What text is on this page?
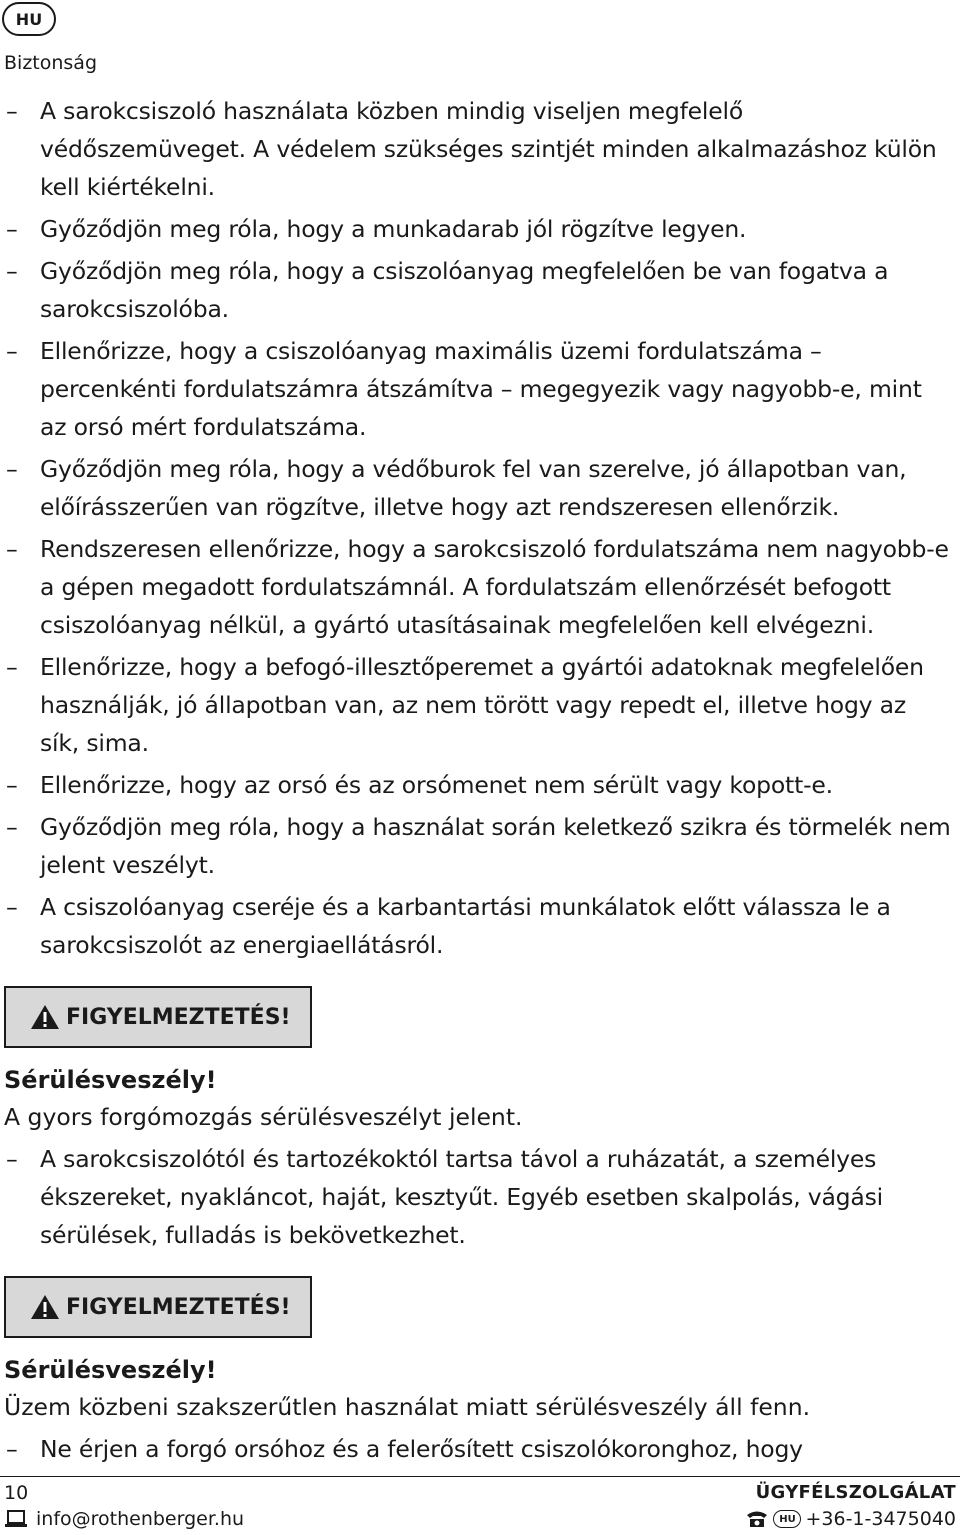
HU
Biztonság
– A sarokcsiszoló használata közben mindig viseljen megfelelő védőszemüveget. A védelem szükséges szintjét minden alkalmazáshoz külön kell kiértékelni.
– Győződjön meg róla, hogy a munkadarab jól rögzítve legyen.
– Győződjön meg róla, hogy a csiszolóanyag megfelelően be van fogatva a sarokcsiszolóba.
– Ellenőrizze, hogy a csiszolóanyag maximális üzemi fordulatszáma – percenkénti fordulatszámra átszámítva – megegyezik vagy nagyobb-e, mint az orsó mért fordulatszáma.
– Győződjön meg róla, hogy a védőburok fel van szerelve, jó állapotban van, előírásszerűen van rögzítve, illetve hogy azt rendszeresen ellenőrzik.
– Rendszeresen ellenőrizze, hogy a sarokcsiszoló fordulatszáma nem nagyobb-e a gépen megadott fordulatszámnál. A fordulatszám ellenőrzését befogott csiszolóanyag nélkül, a gyártó utasításainak megfelelően kell elvégezni.
– Ellenőrizze, hogy a befogó-illesztőperemet a gyártói adatoknak megfelelően használják, jó állapotban van, az nem törött vagy repedt el, illetve hogy az sík, sima.
– Ellenőrizze, hogy az orsó és az orsómenet nem sérült vagy kopott-e.
– Győződjön meg róla, hogy a használat során keletkező szikra és törmelék nem jelent veszélyt.
– A csiszolóanyag cseréje és a karbantartási munkálatok előtt válassza le a sarokcsiszolót az energiaellátásról.
FIGYELMEZTETÉS!
Sérülésveszély!
A gyors forgómozgás sérülésveszélyt jelent.
– A sarokcsiszolótól és tartozékoktól tartsa távol a ruházatát, a személyes ékszereket, nyakláncot, haját, kesztyűt. Egyéb esetben skalpolás, vágási sérülések, fulladás is bekövetkezhet.
FIGYELMEZTETÉS!
Sérülésveszély!
Üzem közbeni szakszerűtlen használat miatt sérülésveszély áll fenn.
– Ne érjen a forgó orsóhoz és a felerősített csiszolókoronghoz, hogy
10
info@rothenberger.hu
ÜGYFÉLSZOLGÁLAT
HU +36-1-3475040
